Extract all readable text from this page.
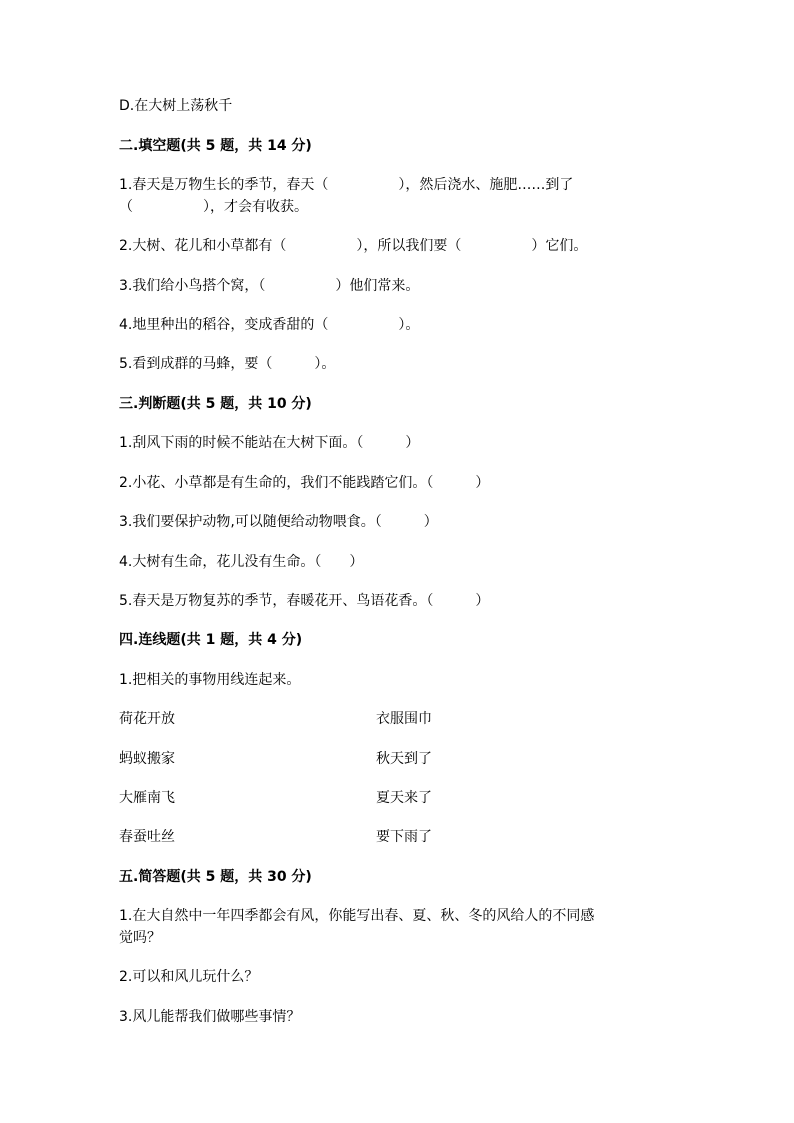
D.在大树上荡秋千
二.填空题(共 5 题，共 14 分)
1.春天是万物生长的季节，春天（　　　　　），然后浇水、施肥……到了
（　　　　　），才会有收获。
2.大树、花儿和小草都有（　　　　　），所以我们要（　　　　　）它们。
3.我们给小鸟搭个窝，（　　　　　）他们常来。
4.地里种出的稻谷，变成香甜的（　　　　　）。
5.看到成群的马蜂，要（　　　）。
三.判断题(共 5 题，共 10 分)
1.刮风下雨的时候不能站在大树下面。（　　　）
2.小花、小草都是有生命的，我们不能践踏它们。（　　　）
3.我们要保护动物,可以随便给动物喂食。（　　　）
4.大树有生命，花儿没有生命。（　　）
5.春天是万物复苏的季节，春暖花开、鸟语花香。（　　　）
四.连线题(共 1 题，共 4 分)
1.把相关的事物用线连起来。
荷花开放	衣服围巾
蚂蚁搬家	秋天到了
大雁南飞	夏天来了
春蚕吐丝	要下雨了
五.简答题(共 5 题，共 30 分)
1.在大自然中一年四季都会有风，你能写出春、夏、秋、冬的风给人的不同感
觉吗？
2.可以和风儿玩什么？
3.风儿能帮我们做哪些事情？
